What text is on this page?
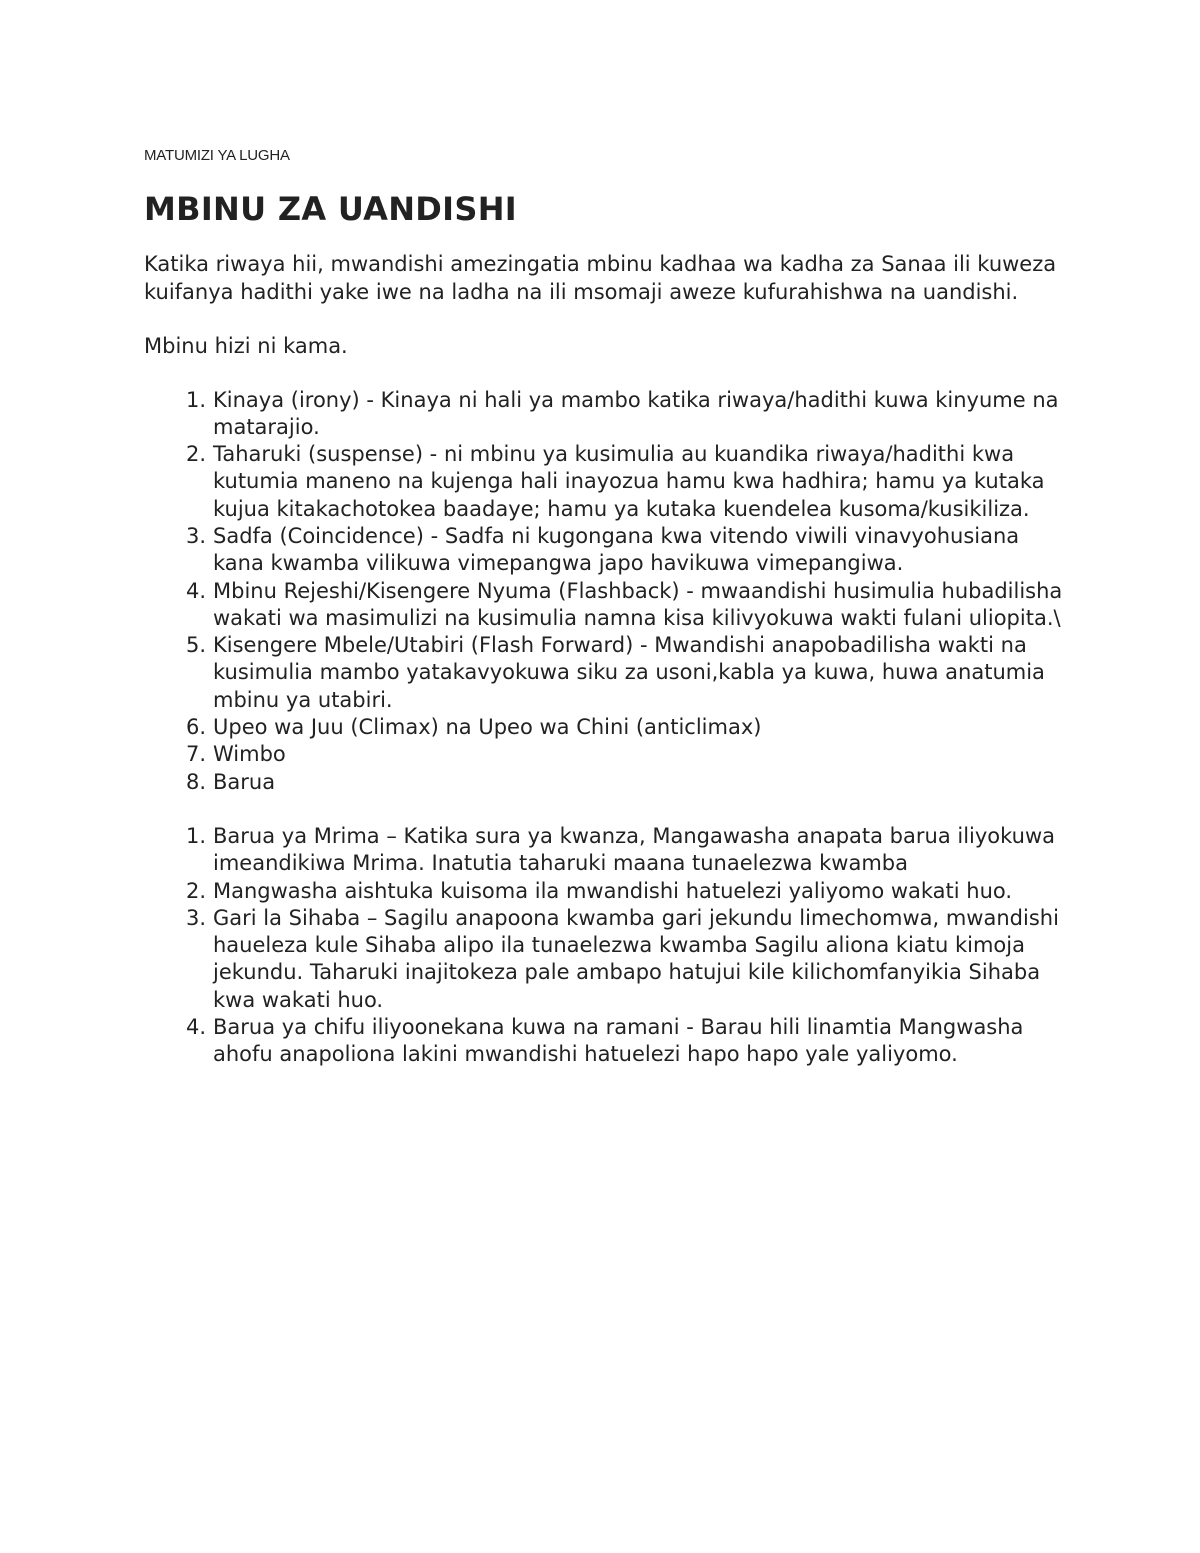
MATUMIZI YA LUGHA

MBINU ZA UANDISHI

Katika riwaya hii, mwandishi amezingatia mbinu kadhaa wa kadha za Sanaa ili kuweza kuifanya hadithi yake iwe na ladha na ili msomaji aweze kufurahishwa na uandishi.

Mbinu hizi ni kama.

1. Kinaya (irony) - Kinaya ni hali ya mambo katika riwaya/hadithi kuwa kinyume na matarajio.
2. Taharuki (suspense) - ni mbinu ya kusimulia au kuandika riwaya/hadithi kwa kutumia maneno na kujenga hali inayozua hamu kwa hadhira; hamu ya kutaka kujua kitakachotokea baadaye; hamu ya kutaka kuendelea kusoma/kusikiliza.
3. Sadfa (Coincidence) - Sadfa ni kugongana kwa vitendo viwili vinavyohusiana kana kwamba vilikuwa vimepangwa japo havikuwa vimepangiwa.
4. Mbinu Rejeshi/Kisengere Nyuma (Flashback) - mwaandishi husimulia hubadilisha wakati wa masimulizi na kusimulia namna kisa kilivyokuwa wakti fulani uliopita.\
5. Kisengere Mbele/Utabiri (Flash Forward) - Mwandishi anapobadilisha wakti na kusimulia mambo yatakavyokuwa siku za usoni,kabla ya kuwa, huwa anatumia mbinu ya utabiri.
6. Upeo wa Juu (Climax) na Upeo wa Chini (anticlimax)
7. Wimbo
8. Barua
1. Barua ya Mrima – Katika sura ya kwanza, Mangawasha anapata barua iliyokuwa imeandikiwa Mrima. Inatutia taharuki maana tunaelezwa kwamba
2. Mangwasha aishtuka kuisoma ila mwandishi hatuelezi yaliyomo wakati huo.
3. Gari la Sihaba – Sagilu anapoona kwamba gari jekundu limechomwa, mwandishi haueleza kule Sihaba alipo ila tunaelezwa kwamba Sagilu aliona kiatu kimoja jekundu. Taharuki inajitokeza pale ambapo hatujui kile kilichomfanyikia Sihaba kwa wakati huo.
4. Barua ya chifu iliyoonekana kuwa na ramani - Barau hili linamtia Mangwasha ahofu anapoliona lakini mwandishi hatuelezi hapo hapo yale yaliyomo.
